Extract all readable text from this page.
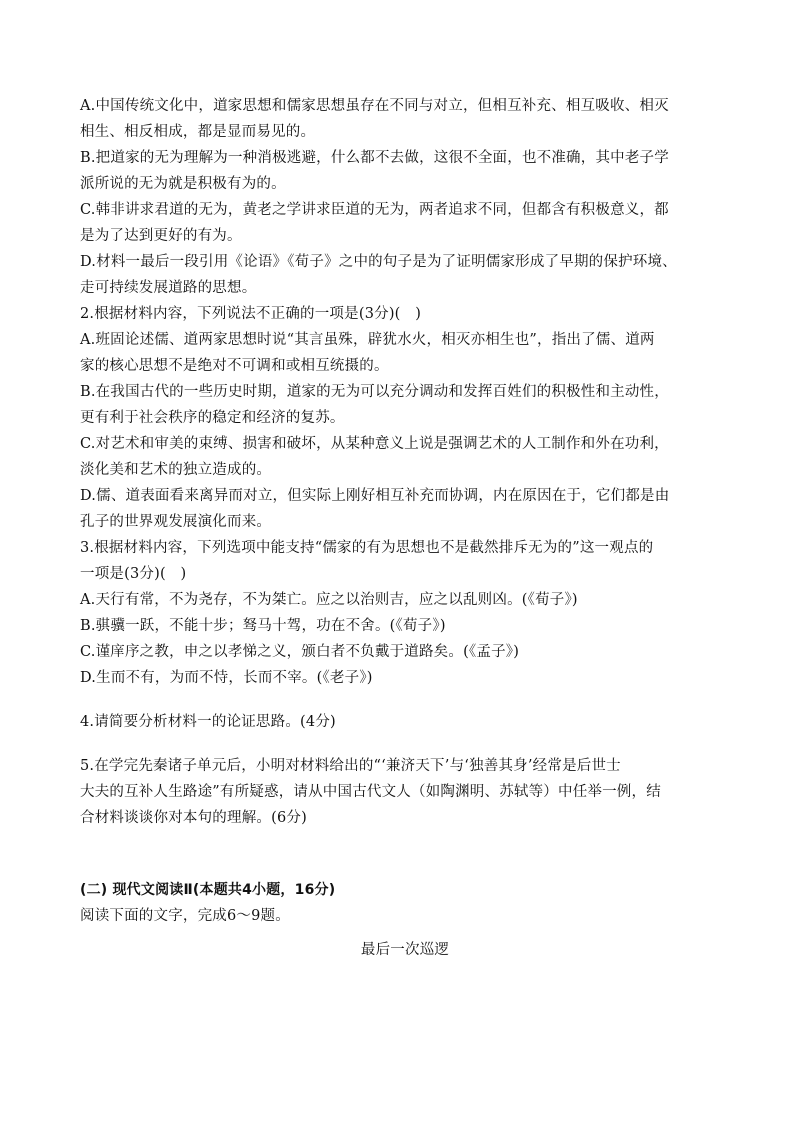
A.中国传统文化中，道家思想和儒家思想虽存在不同与对立，但相互补充、相互吸收、相灭
相生、相反相成，都是显而易见的。
B.把道家的无为理解为一种消极逃避，什么都不去做，这很不全面，也不准确，其中老子学
派所说的无为就是积极有为的。
C.韩非讲求君道的无为，黄老之学讲求臣道的无为，两者追求不同，但都含有积极意义，都
是为了达到更好的有为。
D.材料一最后一段引用《论语》《荀子》之中的句子是为了证明儒家形成了早期的保护环境、
走可持续发展道路的思想。
2.根据材料内容，下列说法不正确的一项是(3分)(　)
A.班固论述儒、道两家思想时说“其言虽殊，辟犹水火，相灭亦相生也”，指出了儒、道两
家的核心思想不是绝对不可调和或相互统摄的。
B.在我国古代的一些历史时期，道家的无为可以充分调动和发挥百姓们的积极性和主动性，
更有利于社会秩序的稳定和经济的复苏。
C.对艺术和审美的束缚、损害和破坏，从某种意义上说是强调艺术的人工制作和外在功利，
淡化美和艺术的独立造成的。
D.儒、道表面看来离异而对立，但实际上刚好相互补充而协调，内在原因在于，它们都是由
孔子的世界观发展演化而来。
3.根据材料内容，下列选项中能支持“儒家的有为思想也不是截然排斥无为的”这一观点的
一项是(3分)(　)
A.天行有常，不为尧存，不为桀亡。应之以治则吉，应之以乱则凶。(《荀子》)
B.骐骥一跃，不能十步；驽马十驾，功在不舍。(《荀子》)
C.谨庠序之教，申之以孝悌之义，颁白者不负戴于道路矣。(《孟子》)
D.生而不有，为而不恃，长而不宰。(《老子》)
4.请简要分析材料一的论证思路。(4分)
5.在学完先秦诸子单元后，小明对材料给出的“‘兼济天下’与‘独善其身’经常是后世士
大夫的互补人生路途”有所疑惑，请从中国古代文人（如陶渊明、苏轼等）中任举一例，结
合材料谈谈你对本句的理解。(6分)
(二) 现代文阅读Ⅱ(本题共4小题，16分)
阅读下面的文字，完成6～9题。
最后一次巡逻
